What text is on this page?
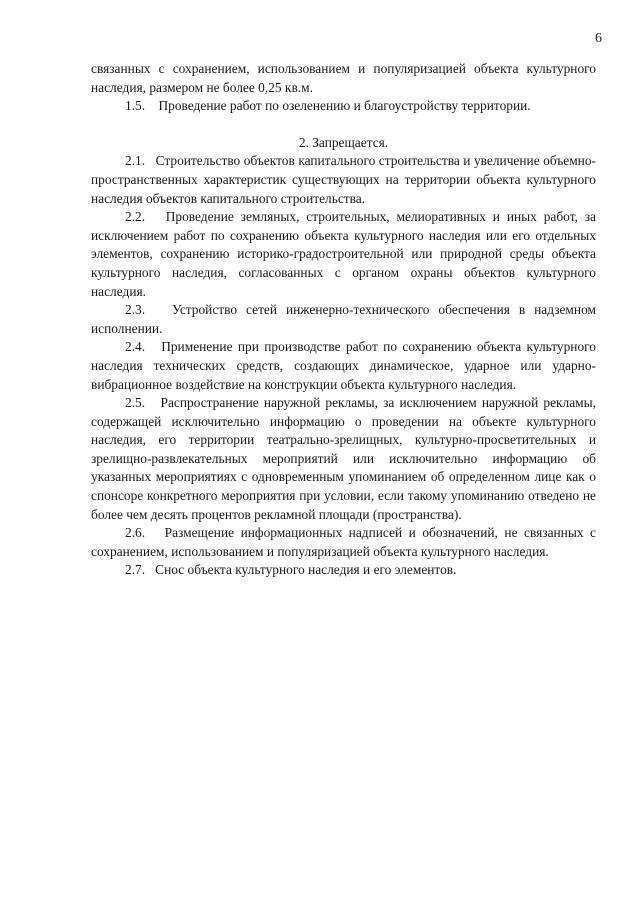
6

связанных с сохранением, использованием и популяризацией объекта культурного наследия, размером не более 0,25 кв.м.

1.5. Проведение работ по озеленению и благоустройству территории.

2. Запрещается.

2.1. Строительство объектов капитального строительства и увеличение объемно-пространственных характеристик существующих на территории объекта культурного наследия объектов капитального строительства.

2.2. Проведение земляных, строительных, мелиоративных и иных работ, за исключением работ по сохранению объекта культурного наследия или его отдельных элементов, сохранению историко-градостроительной или природной среды объекта культурного наследия, согласованных с органом охраны объектов культурного наследия.

2.3. Устройство сетей инженерно-технического обеспечения в надземном исполнении.

2.4. Применение при производстве работ по сохранению объекта культурного наследия технических средств, создающих динамическое, ударное или ударно-вибрационное воздействие на конструкции объекта культурного наследия.

2.5. Распространение наружной рекламы, за исключением наружной рекламы, содержащей исключительно информацию о проведении на объекте культурного наследия, его территории театрально-зрелищных, культурно-просветительных и зрелищно-развлекательных мероприятий или исключительно информацию об указанных мероприятиях с одновременным упоминанием об определенном лице как о спонсоре конкретного мероприятия при условии, если такому упоминанию отведено не более чем десять процентов рекламной площади (пространства).

2.6. Размещение информационных надписей и обозначений, не связанных с сохранением, использованием и популяризацией объекта культурного наследия.

2.7. Снос объекта культурного наследия и его элементов.
